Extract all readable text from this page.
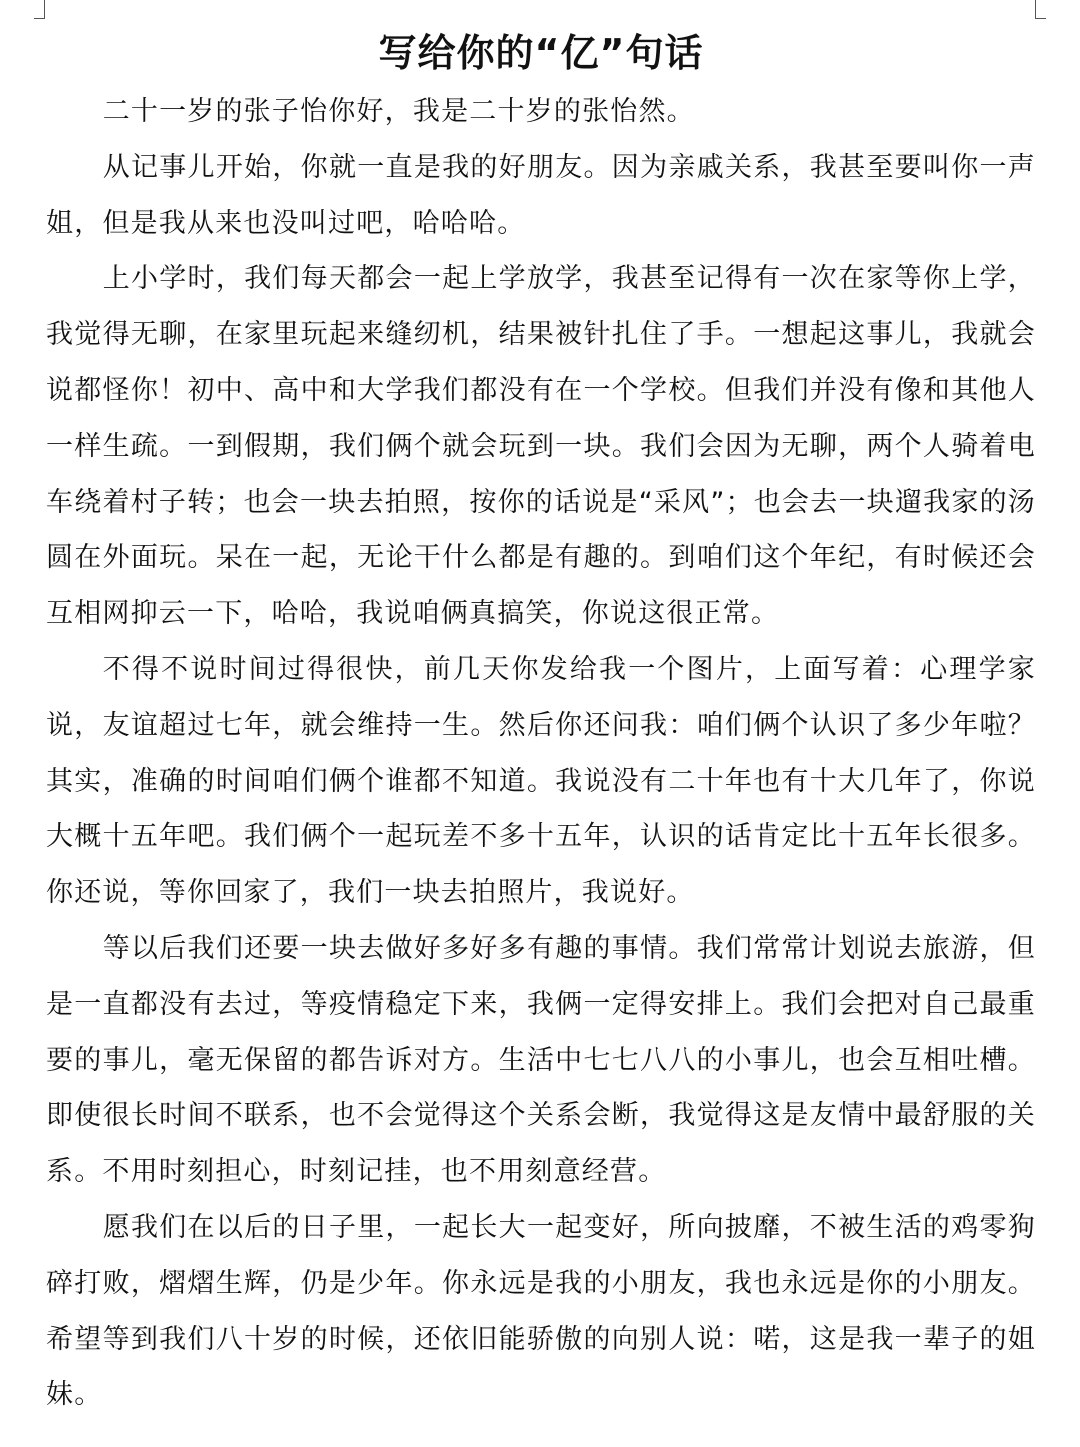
写给你的“亿”句话

二十一岁的张子怡你好，我是二十岁的张怡然。

从记事儿开始，你就一直是我的好朋友。因为亲戚关系，我甚至要叫你一声姐，但是我从来也没叫过吧，哈哈哈。

上小学时，我们每天都会一起上学放学，我甚至记得有一次在家等你上学，我觉得无聊，在家里玩起来缝纫机，结果被针扎住了手。一想起这事儿，我就会说都怪你！初中、高中和大学我们都没有在一个学校。但我们并没有像和其他人一样生疏。一到假期，我们俩个就会玩到一块。我们会因为无聊，两个人骑着电车绕着村子转；也会一块去拍照，按你的话说是“采风”；也会去一块遛我家的汤圆在外面玩。呆在一起，无论干什么都是有趣的。到咱们这个年纪，有时候还会互相网抑云一下，哈哈，我说咱俩真搞笑，你说这很正常。

不得不说时间过得很快，前几天你发给我一个图片，上面写着：心理学家说，友谊超过七年，就会维持一生。然后你还问我：咱们俩个认识了多少年啦？其实，准确的时间咱们俩个谁都不知道。我说没有二十年也有十大几年了，你说大概十五年吧。我们俩个一起玩差不多十五年，认识的话肯定比十五年长很多。你还说，等你回家了，我们一块去拍照片，我说好。

等以后我们还要一块去做好多好多有趣的事情。我们常常计划说去旅游，但是一直都没有去过，等疫情稳定下来，我俩一定得安排上。我们会把对自己最重要的事儿，毫无保留的都告诉对方。生活中七七八八的小事儿，也会互相吐槽。即使很长时间不联系，也不会觉得这个关系会断，我觉得这是友情中最舒服的关系。不用时刻担心，时刻记挂，也不用刻意经营。

愿我们在以后的日子里，一起长大一起变好，所向披靡，不被生活的鸡零狗碎打败，熠熠生辉，仍是少年。你永远是我的小朋友，我也永远是你的小朋友。希望等到我们八十岁的时候，还依旧能骄傲的向别人说：喏，这是我一辈子的姐妹。
